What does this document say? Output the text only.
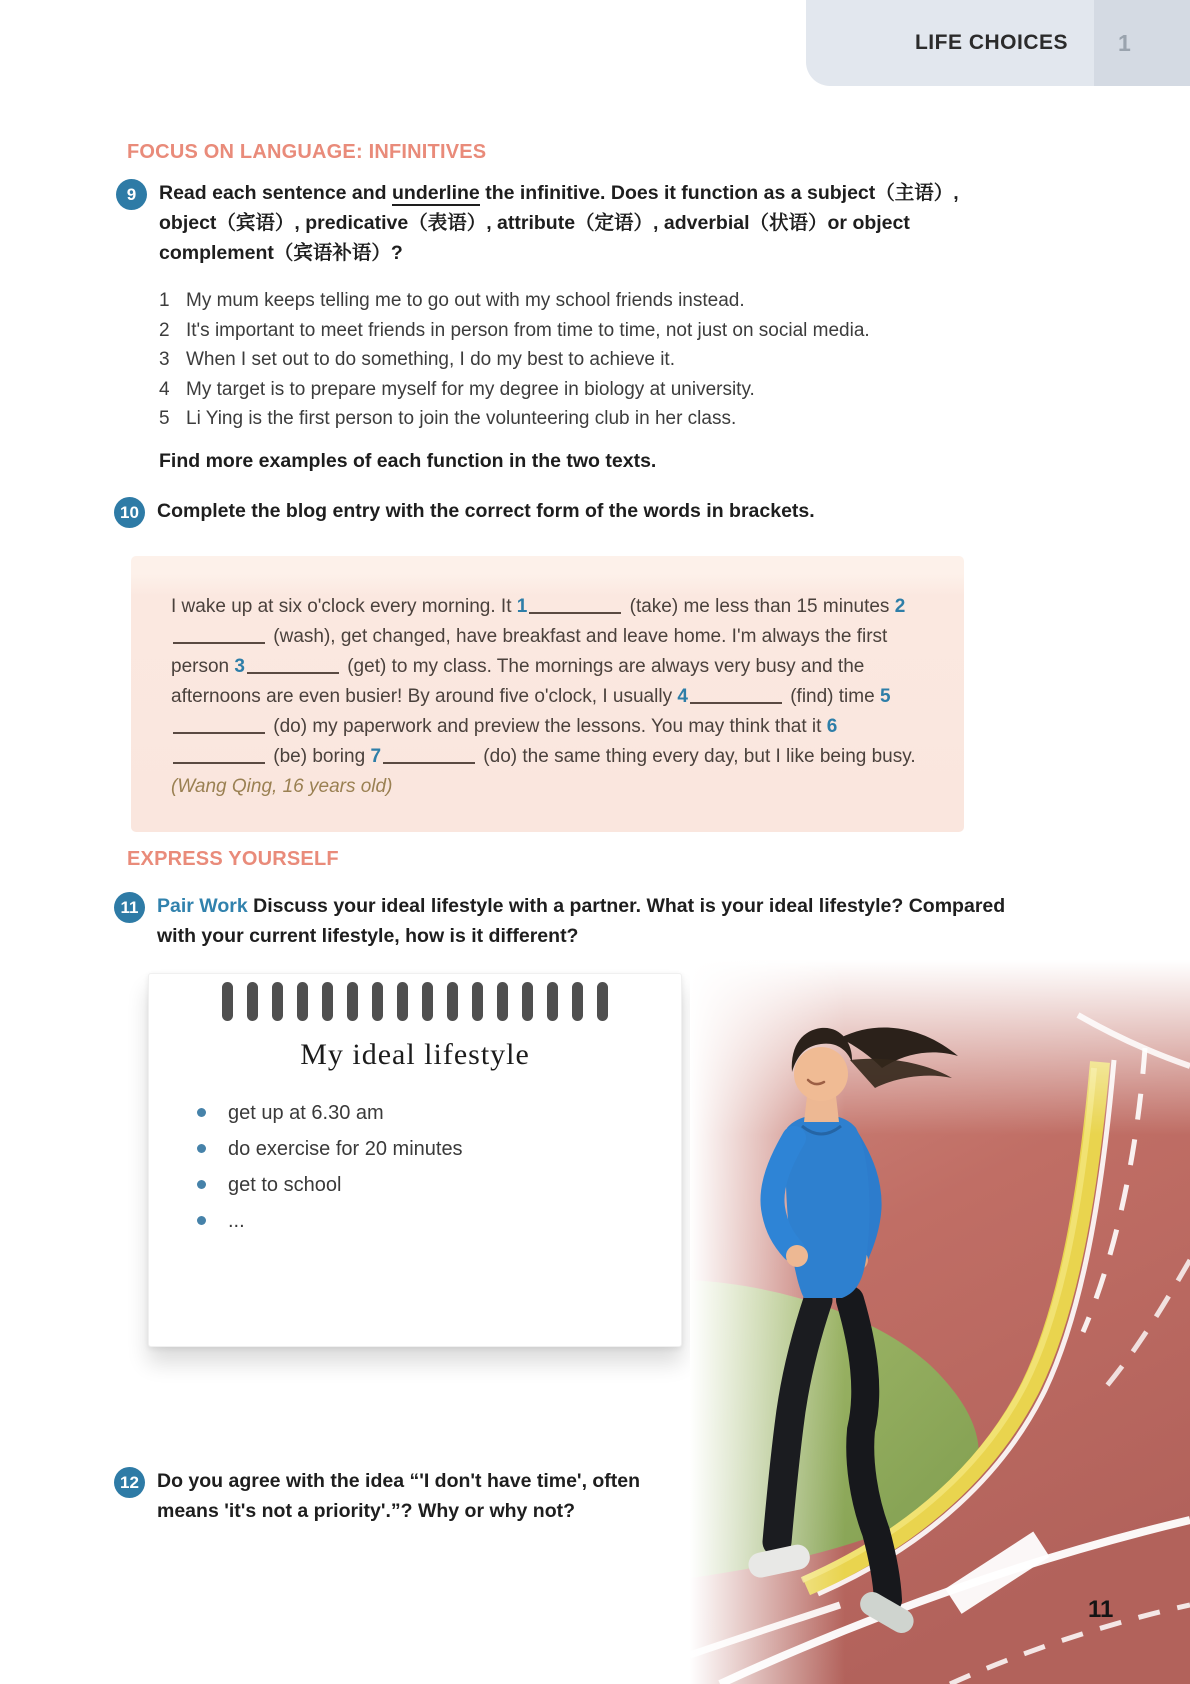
LIFE CHOICES	1
FOCUS ON LANGUAGE: INFINITIVES
9	Read each sentence and underline the infinitive. Does it function as a subject（主语）, object（宾语）, predicative（表语）, attribute（定语）, adverbial（状语）or object complement（宾语补语）?

1 My mum keeps telling me to go out with my school friends instead.
2 It's important to meet friends in person from time to time, not just on social media.
3 When I set out to do something, I do my best to achieve it.
4 My target is to prepare myself for my degree in biology at university.
5 Li Ying is the first person to join the volunteering club in her class.

Find more examples of each function in the two texts.

10 Complete the blog entry with the correct form of the words in brackets.

I wake up at six o'clock every morning. It 1	(take) me less than 15 minutes 2 (wash), get changed, have breakfast and leave home. I'm always the first person 3	(get) to my class. The mornings are always very busy and the afternoons are even busier! By around five o'clock, I usually 4	(find) time 5 (do) my paperwork and preview the lessons. You may think that it 6 (be) boring 7	(do) the same thing every day, but I like being busy. (Wang Qing, 16 years old)

EXPRESS YOURSELF
11 Pair Work Discuss your ideal lifestyle with a partner. What is your ideal lifestyle? Compared with your current lifestyle, how is it different?

My ideal lifestyle
get up at 6.30 am
do exercise for 20 minutes
get to school
...
12 Do you agree with the idea “'I don't have time', often means 'it's not a priority'.”? Why or why not?

11
